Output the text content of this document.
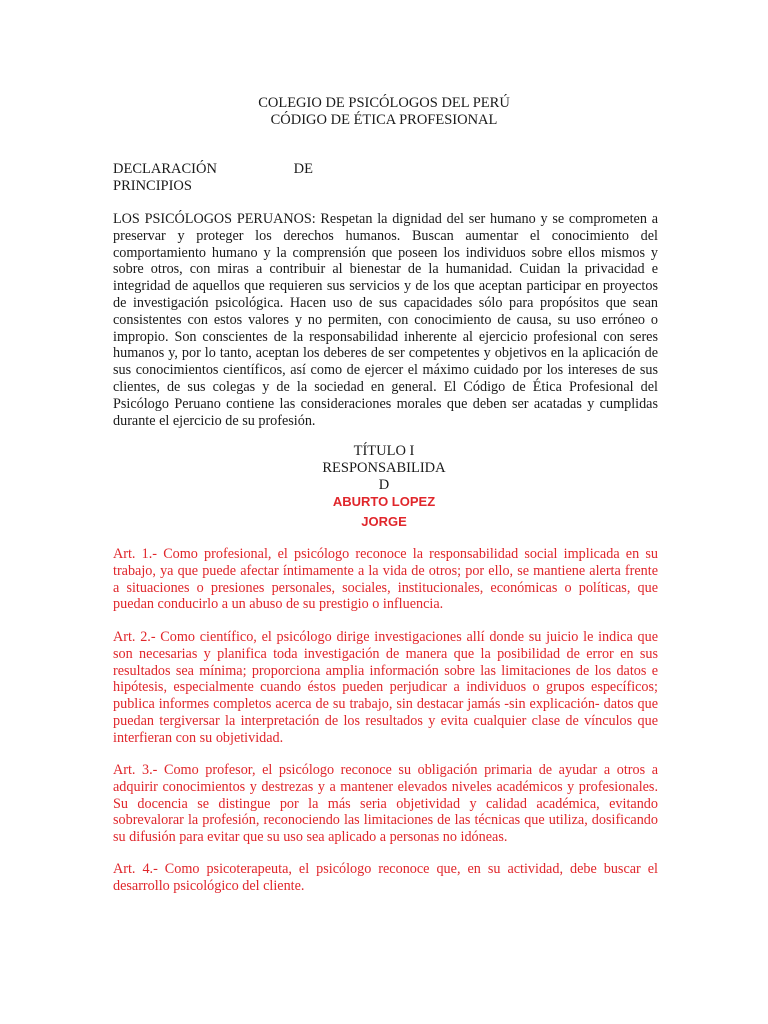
COLEGIO DE PSICÓLOGOS DEL PERÚ
CÓDIGO DE ÉTICA PROFESIONAL
DECLARACIÓN	DE
PRINCIPIOS

LOS PSICÓLOGOS PERUANOS: Respetan la dignidad del ser humano y se comprometen a preservar y proteger los derechos humanos. Buscan aumentar el conocimiento del comportamiento humano y la comprensión que poseen los individuos sobre ellos mismos y sobre otros, con miras a contribuir al bienestar de la humanidad. Cuidan la privacidad e integridad de aquellos que requieren sus servicios y de los que aceptan participar en proyectos de investigación psicológica. Hacen uso de sus capacidades sólo para propósitos que sean consistentes con estos valores y no permiten, con conocimiento de causa, su uso erróneo o impropio. Son conscientes de la responsabilidad inherente al ejercicio profesional con seres humanos y, por lo tanto, aceptan los deberes de ser competentes y objetivos en la aplicación de sus conocimientos científicos, así como de ejercer el máximo cuidado por los intereses de sus clientes, de sus colegas y de la sociedad en general. El Código de Ética Profesional del Psicólogo Peruano contiene las consideraciones morales que deben ser acatadas y cumplidas durante el ejercicio de su profesión.

TÍTULO I
RESPONSABILIDA
D
ABURTO LOPEZ
JORGE

Art. 1.- Como profesional, el psicólogo reconoce la responsabilidad social implicada en su trabajo, ya que puede afectar íntimamente a la vida de otros; por ello, se mantiene alerta frente a situaciones o presiones personales, sociales, institucionales, económicas o políticas, que puedan conducirlo a un abuso de su prestigio o influencia.

Art. 2.- Como científico, el psicólogo dirige investigaciones allí donde su juicio le indica que son necesarias y planifica toda investigación de manera que la posibilidad de error en sus resultados sea mínima; proporciona amplia información sobre las limitaciones de los datos e hipótesis, especialmente cuando éstos pueden perjudicar a individuos o grupos específicos; publica informes completos acerca de su trabajo, sin destacar jamás -sin explicación- datos que puedan tergiversar la interpretación de los resultados y evita cualquier clase de vínculos que interfieran con su objetividad.

Art. 3.- Como profesor, el psicólogo reconoce su obligación primaria de ayudar a otros a adquirir conocimientos y destrezas y a mantener elevados niveles académicos y profesionales. Su docencia se distingue por la más seria objetividad y calidad académica, evitando sobrevalorar la profesión, reconociendo las limitaciones de las técnicas que utiliza, dosificando su difusión para evitar que su uso sea aplicado a personas no idóneas.

Art. 4.- Como psicoterapeuta, el psicólogo reconoce que, en su actividad, debe buscar el desarrollo psicológico del cliente.
